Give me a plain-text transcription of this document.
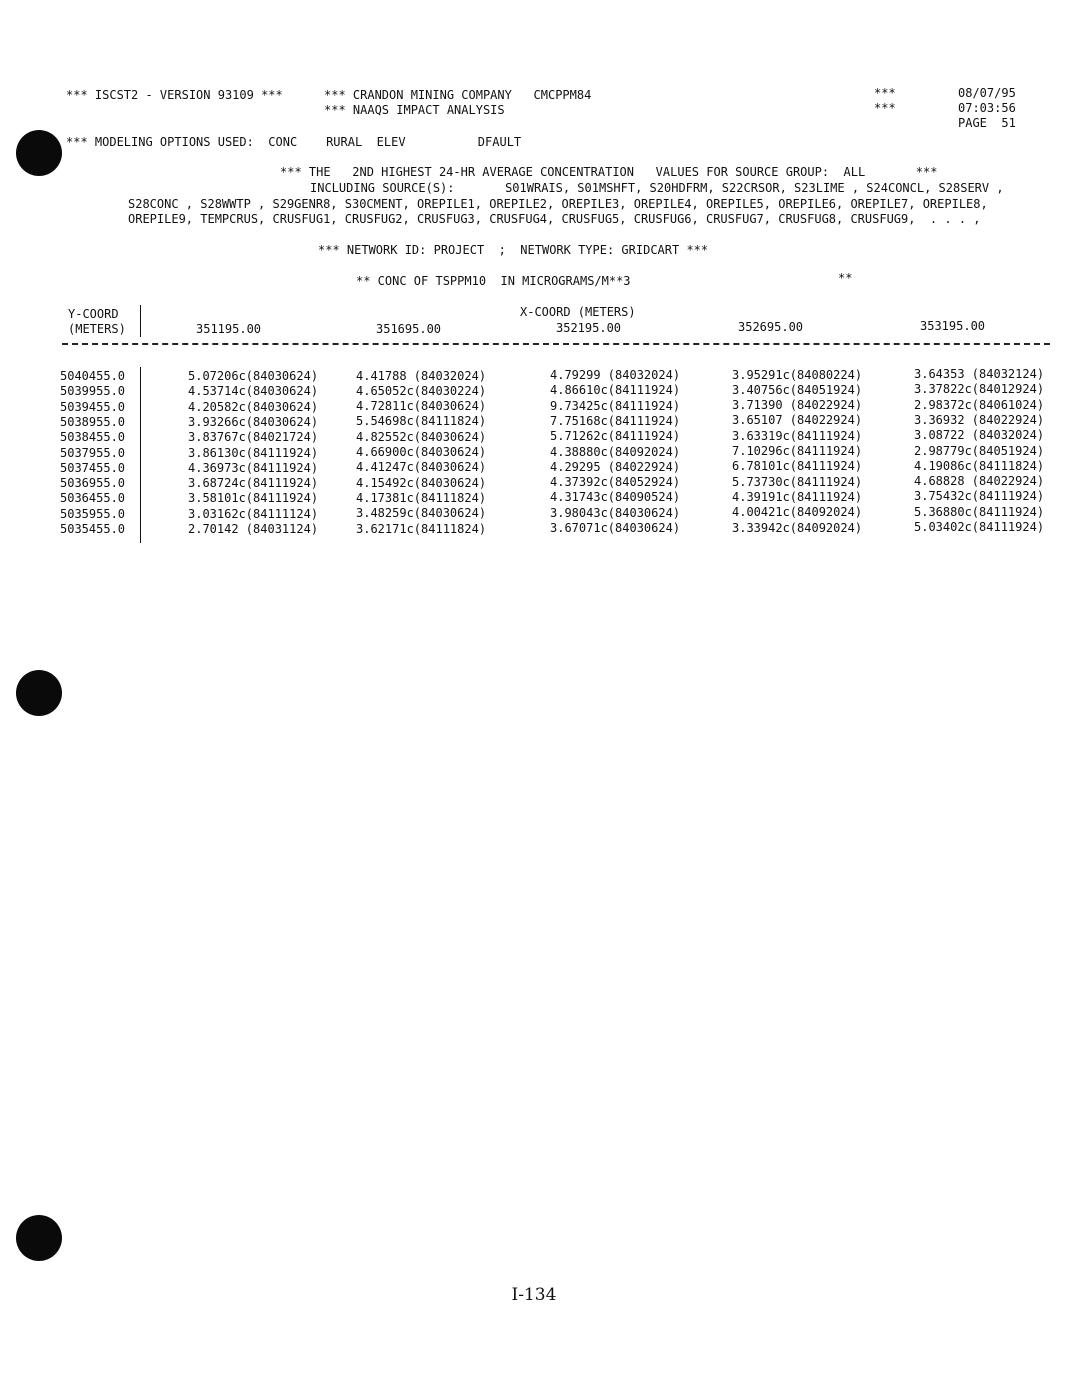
*** ISCST2 - VERSION 93109 ***	*** CRANDON MINING COMPANY   CMCPPM84
*** NAAQS IMPACT ANALYSIS
***
***
08/07/95
07:03:56
PAGE  51
*** MODELING OPTIONS USED:  CONC    RURAL  ELEV          DFAULT
*** THE   2ND HIGHEST 24-HR AVERAGE CONCENTRATION   VALUES FOR SOURCE GROUP:  ALL       ***
INCLUDING SOURCE(S):       S01WRAIS, S01MSHFT, S20HDFRM, S22CRSOR, S23LIME , S24CONCL, S28SERV ,
S28CONC , S28WWTP , S29GENR8, S30CMENT, OREPILE1, OREPILE2, OREPILE3, OREPILE4, OREPILE5, OREPILE6, OREPILE7, OREPILE8,
OREPILE9, TEMPCRUS, CRUSFUG1, CRUSFUG2, CRUSFUG3, CRUSFUG4, CRUSFUG5, CRUSFUG6, CRUSFUG7, CRUSFUG8, CRUSFUG9,  . . . ,
*** NETWORK ID: PROJECT  ;  NETWORK TYPE: GRIDCART ***
** CONC OF TSPPM10  IN MICROGRAMS/M**3	**
Y-COORD
(METERS)
X-COORD (METERS)
351195.00	351695.00	352195.00	352695.00	353195.00
5040455.0	5.07206c(84030624)	4.41788 (84032024)	4.79299 (84032024)	3.95291c(84080224)	3.64353 (84032124)
5039955.0	4.53714c(84030624)	4.65052c(84030224)	4.86610c(84111924)	3.40756c(84051924)	3.37822c(84012924)
5039455.0	4.20582c(84030624)	4.72811c(84030624)	9.73425c(84111924)	3.71390 (84022924)	2.98372c(84061024)
5038955.0	3.93266c(84030624)	5.54698c(84111824)	7.75168c(84111924)	3.65107 (84022924)	3.36932 (84022924)
5038455.0	3.83767c(84021724)	4.82552c(84030624)	5.71262c(84111924)	3.63319c(84111924)	3.08722 (84032024)
5037955.0	3.86130c(84111924)	4.66900c(84030624)	4.38880c(84092024)	7.10296c(84111924)	2.98779c(84051924)
5037455.0	4.36973c(84111924)	4.41247c(84030624)	4.29295 (84022924)	6.78101c(84111924)	4.19086c(84111824)
5036955.0	3.68724c(84111924)	4.15492c(84030624)	4.37392c(84052924)	5.73730c(84111924)	4.68828 (84022924)
5036455.0	3.58101c(84111924)	4.17381c(84111824)	4.31743c(84090524)	4.39191c(84111924)	3.75432c(84111924)
5035955.0	3.03162c(84111124)	3.48259c(84030624)	3.98043c(84030624)	4.00421c(84092024)	5.36880c(84111924)
5035455.0	2.70142 (84031124)	3.62171c(84111824)	3.67071c(84030624)	3.33942c(84092024)	5.03402c(84111924)
I-134
